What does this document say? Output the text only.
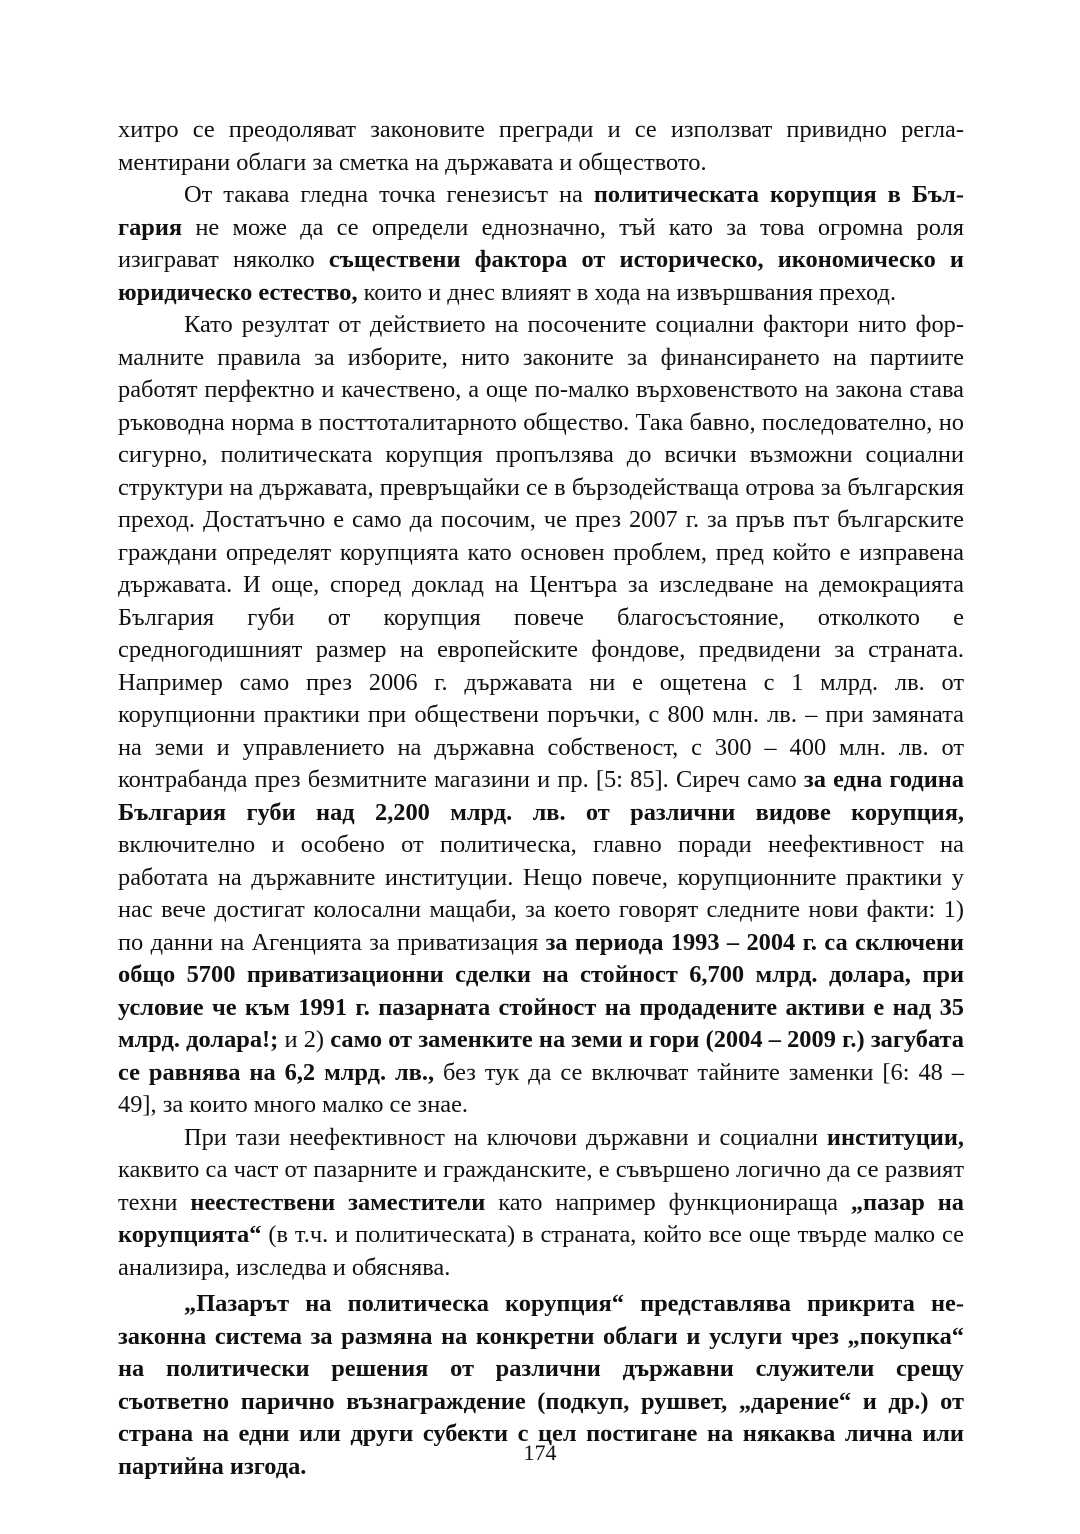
хитро се преодоляват законовите прегради и се използват привидно регламентирани облаги за сметка на държавата и обществото.

От такава гледна точка генезисът на политическата корупция в България не може да се определи еднозначно, тъй като за това огромна роля изиграват няколко съществени фактора от историческо, икономическо и юридическо естество, които и днес влияят в хода на извършвания преход.

Като резултат от действието на посочените социални фактори нито формалните правила за изборите, нито законите за финансирането на партиите работят перфектно и качествено, а още по-малко върховенството на закона става ръководна норма в посттоталитарното общество. Така бавно, последователно, но сигурно, политическата корупция пропълзява до всички възможни социални структури на държавата, превръщайки се в бързодействаща отрова за българския преход. Достатъчно е само да посочим, че през 2007 г. за пръв път българските граждани определят корупцията като основен проблем, пред който е изправена държавата. И още, според доклад на Центъра за изследване на демокрацията България губи от корупция повече благосъстояние, отколкото е средногодишният размер на европейските фондове, предвидени за страната. Например само през 2006 г. държавата ни е ощетена с 1 млрд. лв. от корупционни практики при обществени поръчки, с 800 млн. лв. – при замяната на земи и управлението на държавна собственост, с 300 – 400 млн. лв. от контрабанда през безмитните магазини и пр. [5: 85]. Сиреч само за една година България губи над 2,200 млрд. лв. от различни видове корупция, включително и особено от политическа, главно поради неефективност на работата на държавните институции. Нещо повече, корупционните практики у нас вече достигат колосални мащаби, за което говорят следните нови факти: 1) по данни на Агенцията за приватизация за периода 1993 – 2004 г. са сключени общо 5700 приватизационни сделки на стойност 6,700 млрд. долара, при условие че към 1991 г. пазарната стойност на продадените активи е над 35 млрд. долара!; и 2) само от заменките на земи и гори (2004 – 2009 г.) загубата се равнява на 6,2 млрд. лв., без тук да се включват тайните заменки [6: 48 – 49], за които много малко се знае.

При тази неефективност на ключови държавни и социални институции, каквито са част от пазарните и гражданските, е съвършено логично да се развият техни неестествени заместители като например функционираща „пазар на корупцията“ (в т.ч. и политическата) в страната, който все още твърде малко се анализира, изследва и обяснява.

„Пазарът на политическа корупция“ представлява прикрита незаконна система за размяна на конкретни облаги и услуги чрез „покупка“ на политически решения от различни държавни служители срещу съответно парично възнаграждение (подкуп, рушвет, „дарение“ и др.) от страна на едни или други субекти с цел постигане на някаква лична или партийна изгода.	174
